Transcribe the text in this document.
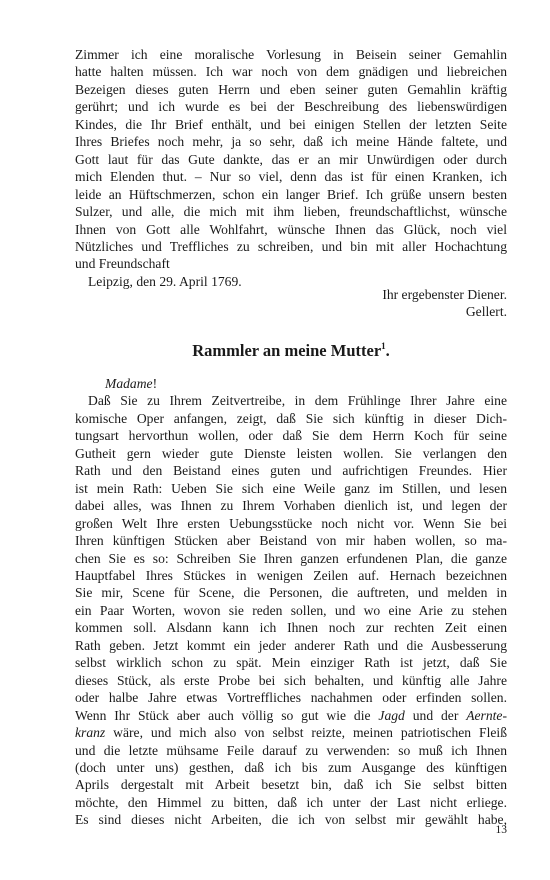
Zimmer ich eine moralische Vorlesung in Beisein seiner Gemahlin
hatte halten müssen. Ich war noch von dem gnädigen und liebreichen
Bezeigen dieses guten Herrn und eben seiner guten Gemahlin kräftig
gerührt; und ich wurde es bei der Beschreibung des liebenswürdigen
Kindes, die Ihr Brief enthält, und bei einigen Stellen der letzten Seite
Ihres Briefes noch mehr, ja so sehr, daß ich meine Hände faltete, und
Gott laut für das Gute dankte, das er an mir Unwürdigen oder durch
mich Elenden thut. – Nur so viel, denn das ist für einen Kranken, ich
leide an Hüftschmerzen, schon ein langer Brief. Ich grüße unsern besten
Sulzer, und alle, die mich mit ihm lieben, freundschaftlichst, wünsche
Ihnen von Gott alle Wohlfahrt, wünsche Ihnen das Glück, noch viel
Nützliches und Treffliches zu schreiben, und bin mit aller Hochachtung
und Freundschaft
Leipzig, den 29. April 1769.
Ihr ergebenster Diener.
Gellert.
Rammler an meine Mutter$^1$.
Madame!
Daß Sie zu Ihrem Zeitvertreibe, in dem Frühlinge Ihrer Jahre eine
komische Oper anfangen, zeigt, daß Sie sich künftig in dieser Dich-
tungsart hervorthun wollen, oder daß Sie dem Herrn Koch für seine
Gutheit gern wieder gute Dienste leisten wollen. Sie verlangen den
Rath und den Beistand eines guten und aufrichtigen Freundes. Hier
ist mein Rath: Ueben Sie sich eine Weile ganz im Stillen, und lesen
dabei alles, was Ihnen zu Ihrem Vorhaben dienlich ist, und legen der
großen Welt Ihre ersten Uebungsstücke noch nicht vor. Wenn Sie bei
Ihren künftigen Stücken aber Beistand von mir haben wollen, so ma-
chen Sie es so: Schreiben Sie Ihren ganzen erfundenen Plan, die ganze
Hauptfabel Ihres Stückes in wenigen Zeilen auf. Hernach bezeichnen
Sie mir, Scene für Scene, die Personen, die auftreten, und melden in
ein Paar Worten, wovon sie reden sollen, und wo eine Arie zu stehen
kommen soll. Alsdann kann ich Ihnen noch zur rechten Zeit einen
Rath geben. Jetzt kommt ein jeder anderer Rath und die Ausbesserung
selbst wirklich schon zu spät. Mein einziger Rath ist jetzt, daß Sie
dieses Stück, als erste Probe bei sich behalten, und künftig alle Jahre
oder halbe Jahre etwas Vortreffliches nachahmen oder erfinden sollen.
Wenn Ihr Stück aber auch völlig so gut wie die Jagd und der Aernte-
kranz wäre, und mich also von selbst reizte, meinen patriotischen Fleiß
und die letzte mühsame Feile darauf zu verwenden: so muß ich Ihnen
(doch unter uns) gesthen, daß ich bis zum Ausgange des künftigen
Aprils dergestalt mit Arbeit besetzt bin, daß ich Sie selbst bitten
möchte, den Himmel zu bitten, daß ich unter der Last nicht erliege.
Es sind dieses nicht Arbeiten, die ich von selbst mir gewählt habe,
13
